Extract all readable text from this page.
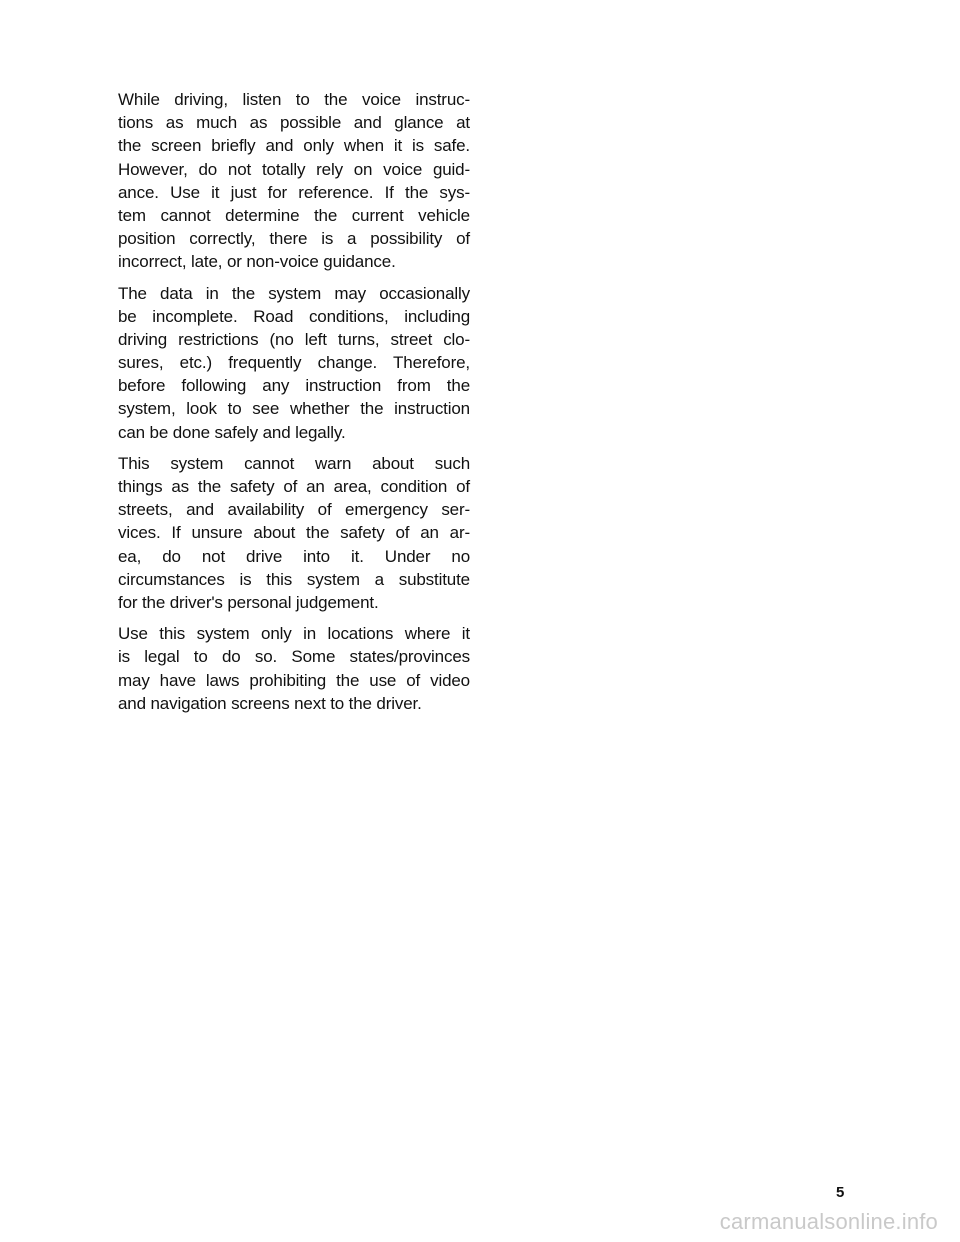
While driving, listen to the voice instruc-
tions as much as possible and glance at
the screen briefly and only when it is safe.
However, do not totally rely on voice guid-
ance. Use it just for reference. If the sys-
tem cannot determine the current vehicle
position correctly, there is a possibility of
incorrect, late, or non-voice guidance.

The data in the system may occasionally
be incomplete. Road conditions, including
driving restrictions (no left turns, street clo-
sures, etc.) frequently change. Therefore,
before following any instruction from the
system, look to see whether the instruction
can be done safely and legally.

This system cannot warn about such
things as the safety of an area, condition of
streets, and availability of emergency ser-
vices. If unsure about the safety of an ar-
ea, do not drive into it. Under no
circumstances is this system a substitute
for the driver's personal judgement.

Use this system only in locations where it
is legal to do so. Some states/provinces
may have laws prohibiting the use of video
and navigation screens next to the driver.

5
carmanualsonline.info
